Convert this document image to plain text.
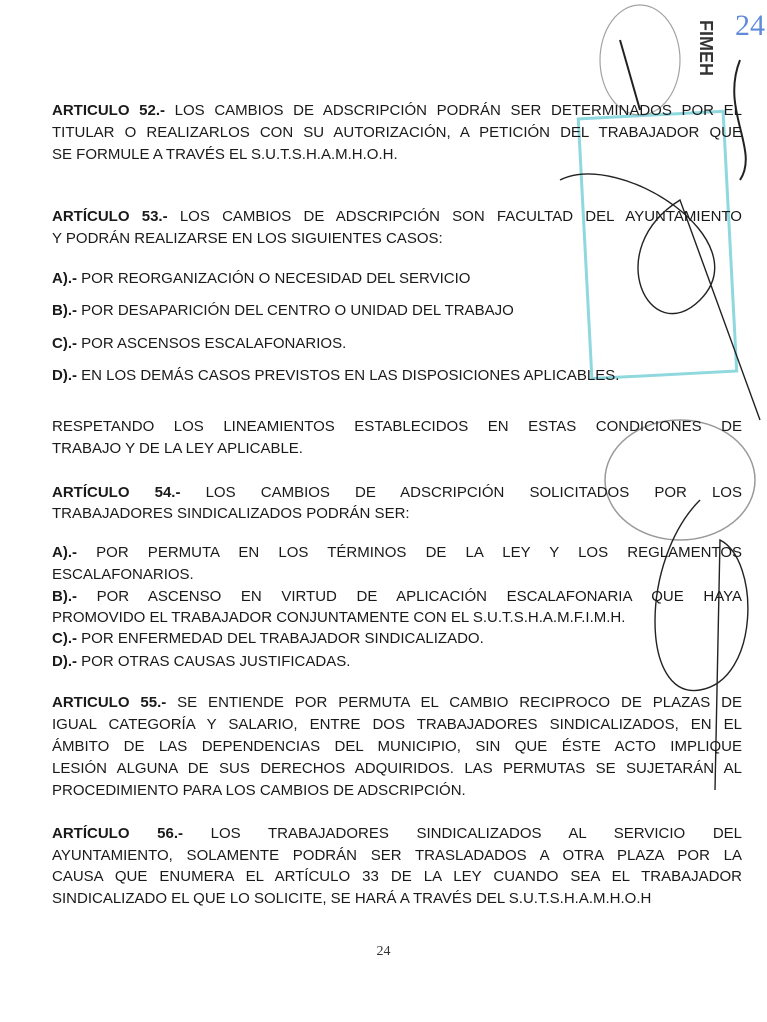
24
FIMEH
ARTICULO 52.- LOS CAMBIOS DE ADSCRIPCIÓN PODRÁN SER DETERMINADOS POR EL
TITULAR O REALIZARLOS CON SU AUTORIZACIÓN, A PETICIÓN DEL TRABAJADOR QUE
SE FORMULE A TRAVÉS EL S.U.T.S.H.A.M.H.O.H.
ARTÍCULO 53.- LOS CAMBIOS DE ADSCRIPCIÓN SON FACULTAD DEL AYUNTAMIENTO
Y PODRÁN REALIZARSE EN LOS SIGUIENTES CASOS:
A).- POR REORGANIZACIÓN O NECESIDAD DEL SERVICIO
B).- POR DESAPARICIÓN DEL CENTRO O UNIDAD DEL TRABAJO
C).- POR ASCENSOS ESCALAFONARIOS.
D).- EN LOS DEMÁS CASOS PREVISTOS EN LAS DISPOSICIONES APLICABLES.
RESPETANDO LOS LINEAMIENTOS ESTABLECIDOS EN ESTAS CONDICIONES DE
TRABAJO Y DE LA LEY APLICABLE.
ARTÍCULO 54.- LOS CAMBIOS DE ADSCRIPCIÓN SOLICITADOS POR LOS
TRABAJADORES SINDICALIZADOS PODRÁN SER:
A).- POR PERMUTA EN LOS TÉRMINOS DE LA LEY Y LOS REGLAMENTOS
ESCALAFONARIOS.
B).- POR ASCENSO EN VIRTUD DE APLICACIÓN ESCALAFONARIA QUE HAYA
PROMOVIDO EL TRABAJADOR CONJUNTAMENTE CON EL S.U.T.S.H.A.M.F.I.M.H.
C).- POR ENFERMEDAD DEL TRABAJADOR SINDICALIZADO.
D).- POR OTRAS CAUSAS JUSTIFICADAS.
ARTICULO 55.- SE ENTIENDE POR PERMUTA EL CAMBIO RECIPROCO DE PLAZAS DE
IGUAL CATEGORÍA Y SALARIO, ENTRE DOS TRABAJADORES SINDICALIZADOS, EN EL
ÁMBITO DE LAS DEPENDENCIAS DEL MUNICIPIO, SIN QUE ÉSTE ACTO IMPLIQUE
LESIÓN ALGUNA DE SUS DERECHOS ADQUIRIDOS. LAS PERMUTAS SE SUJETARÁN AL
PROCEDIMIENTO PARA LOS CAMBIOS DE ADSCRIPCIÓN.
ARTÍCULO 56.- LOS TRABAJADORES SINDICALIZADOS AL SERVICIO DEL
AYUNTAMIENTO, SOLAMENTE PODRÁN SER TRASLADADOS A OTRA PLAZA POR LA
CAUSA QUE ENUMERA EL ARTÍCULO 33 DE LA LEY CUANDO SEA EL TRABAJADOR
SINDICALIZADO EL QUE LO SOLICITE, SE HARÁ A TRAVÉS DEL S.U.T.S.H.A.M.H.O.H
24
